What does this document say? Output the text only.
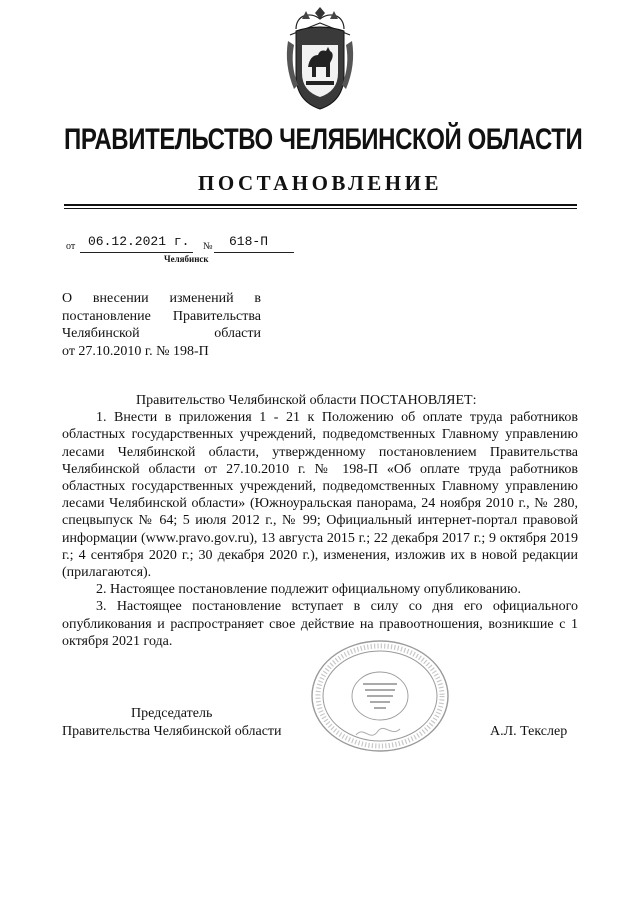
ПРАВИТЕЛЬСТВО ЧЕЛЯБИНСКОЙ ОБЛАСТИ
ПОСТАНОВЛЕНИЕ
от 06.12.2021 г. № 618-П
Челябинск
О внесении изменений в
постановление Правительства
Челябинской области
от 27.10.2010 г. № 198-П

Правительство Челябинской области ПОСТАНОВЛЯЕТ:

1. Внести в приложения 1 - 21 к Положению об оплате труда работников областных государственных учреждений, подведомственных Главному управлению лесами Челябинской области, утвержденному постановлением Правительства Челябинской области от 27.10.2010 г. № 198-П «Об оплате труда работников областных государственных учреждений, подведомственных Главному управлению лесами Челябинской области» (Южноуральская панорама, 24 ноября 2010 г., № 280, спецвыпуск № 64; 5 июля 2012 г., № 99; Официальный интернет-портал правовой информации (www.pravo.gov.ru), 13 августа 2015 г.; 22 декабря 2017 г.; 9 октября 2019 г.; 4 сентября 2020 г.; 30 декабря 2020 г.), изменения, изложив их в новой редакции (прилагаются).

2. Настоящее постановление подлежит официальному опубликованию.

3. Настоящее постановление вступает в силу со дня его официального опубликования и распространяет свое действие на правоотношения, возникшие с 1 октября 2021 года.

Председатель
Правительства Челябинской области	А.Л. Текслер
